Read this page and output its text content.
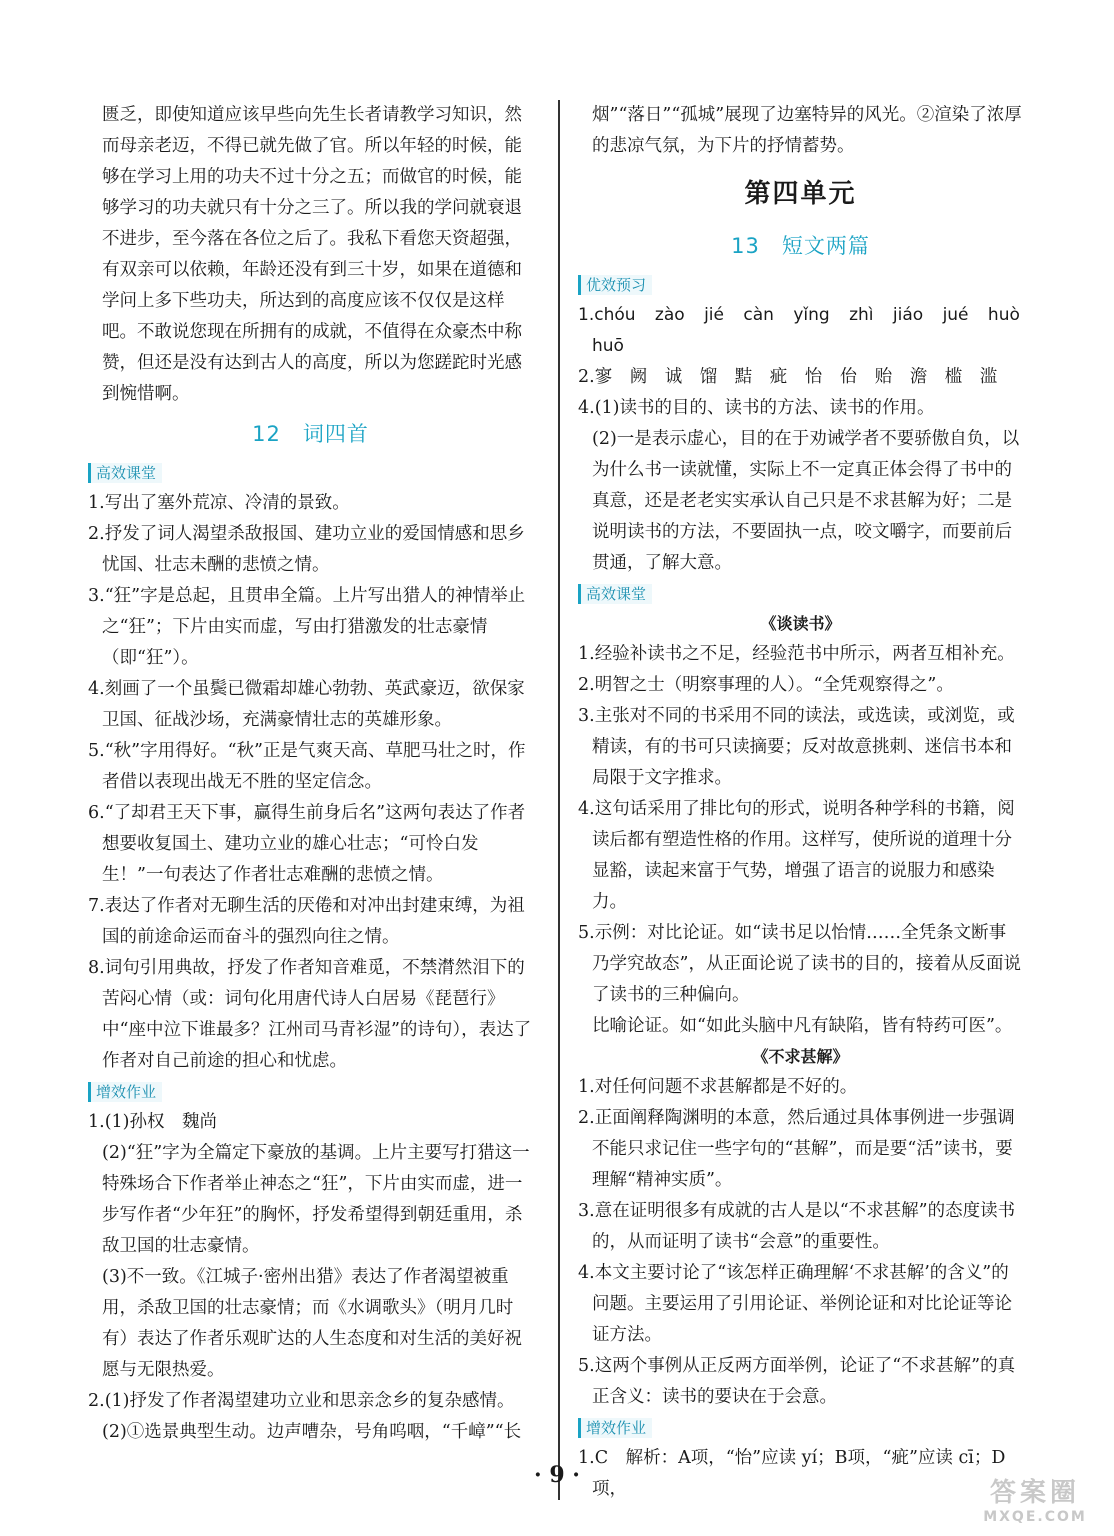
匮乏，即使知道应该早些向先生长者请教学习知识，然而母亲老迈，不得已就先做了官。所以年轻的时候，能够在学习上用的功夫不过十分之五；而做官的时候，能够学习的功夫就只有十分之三了。所以我的学问就衰退不进步，至今落在各位之后了。我私下看您天资超强，有双亲可以依赖，年龄还没有到三十岁，如果在道德和学问上多下些功夫，所达到的高度应该不仅仅是这样吧。不敢说您现在所拥有的成就，不值得在众豪杰中称赞，但还是没有达到古人的高度，所以为您蹉跎时光感到惋惜啊。

12 词四首
高效课堂

1.写出了塞外荒凉、冷清的景致。

2.抒发了词人渴望杀敌报国、建功立业的爱国情感和思乡忧国、壮志未酬的悲愤之情。

3.“狂”字是总起，且贯串全篇。上片写出猎人的神情举止之“狂”；下片由实而虚，写由打猎激发的壮志豪情（即“狂”）。

4.刻画了一个虽鬓已微霜却雄心勃勃、英武豪迈，欲保家卫国、征战沙场，充满豪情壮志的英雄形象。

5.“秋”字用得好。“秋”正是气爽天高、草肥马壮之时，作者借以表现出战无不胜的坚定信念。

6.“了却君王天下事，赢得生前身后名”这两句表达了作者想要收复国土、建功立业的雄心壮志；“可怜白发生！”一句表达了作者壮志难酬的悲愤之情。

7.表达了作者对无聊生活的厌倦和对冲出封建束缚，为祖国的前途命运而奋斗的强烈向往之情。

8.词句引用典故，抒发了作者知音难觅，不禁潸然泪下的苦闷心情（或：词句化用唐代诗人白居易《琵琶行》中“座中泣下谁最多？江州司马青衫湿”的诗句），表达了作者对自己前途的担心和忧虑。

增效作业

1.(1)孙权　魏尚

(2)“狂”字为全篇定下豪放的基调。上片主要写打猎这一特殊场合下作者举止神态之“狂”，下片由实而虚，进一步写作者“少年狂”的胸怀，抒发希望得到朝廷重用，杀敌卫国的壮志豪情。

(3)不一致。《江城子·密州出猎》表达了作者渴望被重用，杀敌卫国的壮志豪情；而《水调歌头》（明月几时有）表达了作者乐观旷达的人生态度和对生活的美好祝愿与无限热爱。

2.(1)抒发了作者渴望建功立业和思亲念乡的复杂感情。

(2)①选景典型生动。边声嘈杂，号角呜咽，“千嶂”“长

烟”“落日”“孤城”展现了边塞特异的风光。②渲染了浓厚的悲凉气氛，为下片的抒情蓄势。

第四单元
13 短文两篇
优效预习

1.chóu zào jié càn yǐng zhì jiáo jué huò huō

2.寥　阙　诚　馏　黠　疵　怡　佁　贻　澹　槛　滥

4.(1)读书的目的、读书的方法、读书的作用。

(2)一是表示虚心，目的在于劝诫学者不要骄傲自负，以为什么书一读就懂，实际上不一定真正体会得了书中的真意，还是老老实实承认自己只是不求甚解为好；二是说明读书的方法，不要固执一点，咬文嚼字，而要前后贯通，了解大意。

高效课堂
《谈读书》

1.经验补读书之不足，经验范书中所示，两者互相补充。

2.明智之士（明察事理的人）。“全凭观察得之”。

3.主张对不同的书采用不同的读法，或选读，或浏览，或精读，有的书可只读摘要；反对故意挑刺、迷信书本和局限于文字推求。

4.这句话采用了排比句的形式，说明各种学科的书籍，阅读后都有塑造性格的作用。这样写，使所说的道理十分显豁，读起来富于气势，增强了语言的说服力和感染力。

5.示例：对比论证。如“读书足以怡情……全凭条文断事乃学究故态”，从正面论说了读书的目的，接着从反面说了读书的三种偏向。

比喻论证。如“如此头脑中凡有缺陷，皆有特药可医”。

《不求甚解》

1.对任何问题不求甚解都是不好的。

2.正面阐释陶渊明的本意，然后通过具体事例进一步强调不能只求记住一些字句的“甚解”，而是要“活”读书，要理解“精神实质”。

3.意在证明很多有成就的古人是以“不求甚解”的态度读书的，从而证明了读书“会意”的重要性。

4.本文主要讨论了“该怎样正确理解‘不求甚解’的含义”的问题。主要运用了引用论证、举例论证和对比论证等论证方法。

5.这两个事例从正反两方面举例，论证了“不求甚解”的真正含义：读书的要诀在于会意。

增效作业

1.C　解析：A项，“怡”应读 yí；B项，“疵”应读 cī；D项，

· 9 ·
答案圈
MXQE.COM
